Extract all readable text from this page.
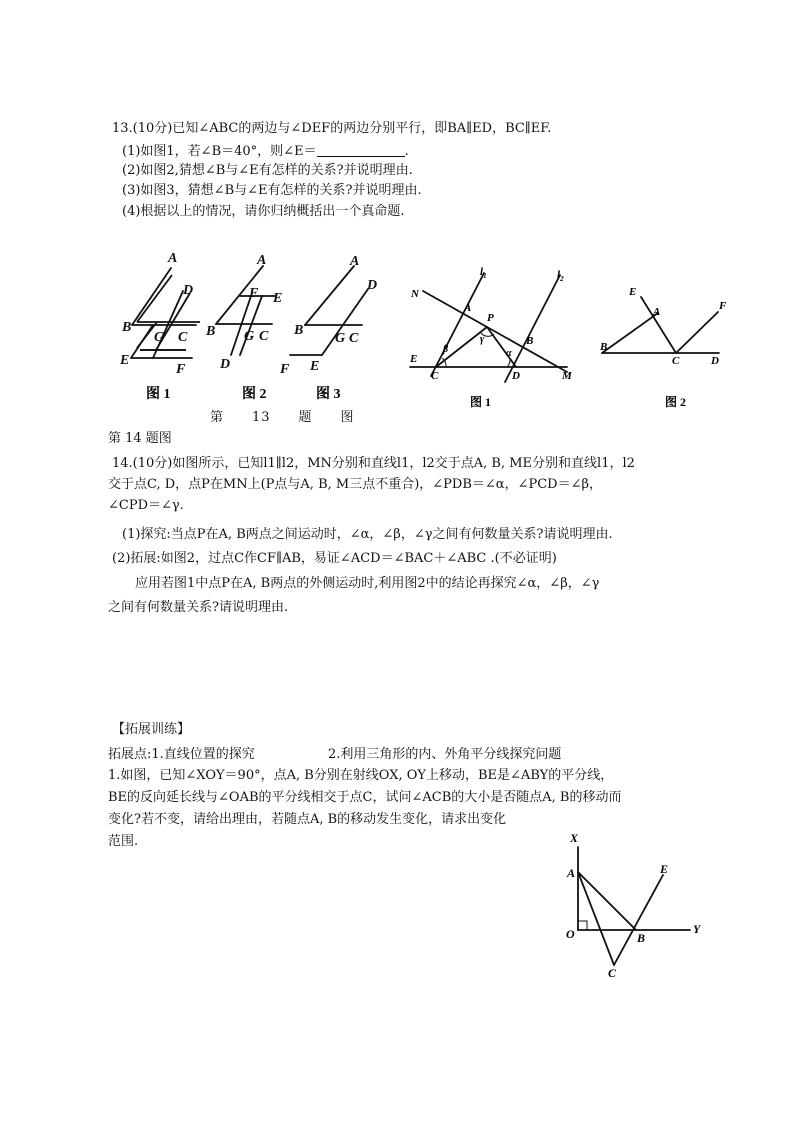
13.(10分)已知∠ABC的两边与∠DEF的两边分别平行，即BA∥ED，BC∥EF.
(1)如图1，若∠B＝40°，则∠E＝	.
(2)如图2,猜想∠B与∠E有怎样的关系?并说明理由.
(3)如图3，猜想∠B与∠E有怎样的关系?并说明理由.
(4)根据以上的情况，请你归纳概括出一个真命题.
A
D
B
G C
E
F
A
F E
B G C
D
A
D
B
G C
F E
图 1	图 2	图 3
N
$l_1$	$l_2$
A
P
B
E
C	D	M
β
γ
α
图 1
E
A	F
B
C	D
图 2
X
A	E
O	B
Y
C
第　　13　　题　　图
第 14 题图
14.(10分)如图所示，已知l1∥l2，MN分别和直线l1，l2交于点A, B, ME分别和直线l1，l2
交于点C, D，点P在MN上(P点与A, B, M三点不重合)，∠PDB＝∠α，∠PCD＝∠β，
∠CPD＝∠γ.
(1)探究:当点P在A, B两点之间运动时，∠α，∠β，∠γ之间有何数量关系?请说明理由.
(2)拓展:如图2，过点C作CF∥AB，易证∠ACD＝∠BAC＋∠ABC .(不必证明)
应用若图1中点P在A, B两点的外侧运动时,利用图2中的结论再探究∠α，∠β，∠γ
之间有何数量关系?请说明理由.
【拓展训练】
拓展点:1.直线位置的探究	2.利用三角形的内、外角平分线探究问题
1.如图，已知∠XOY＝90°，点A, B分别在射线OX, OY上移动，BE是∠ABY的平分线，
BE的反向延长线与∠OAB的平分线相交于点C，试问∠ACB的大小是否随点A, B的移动而
变化?若不变，请给出理由，若随点A, B的移动发生变化，请求出变化
范围.
